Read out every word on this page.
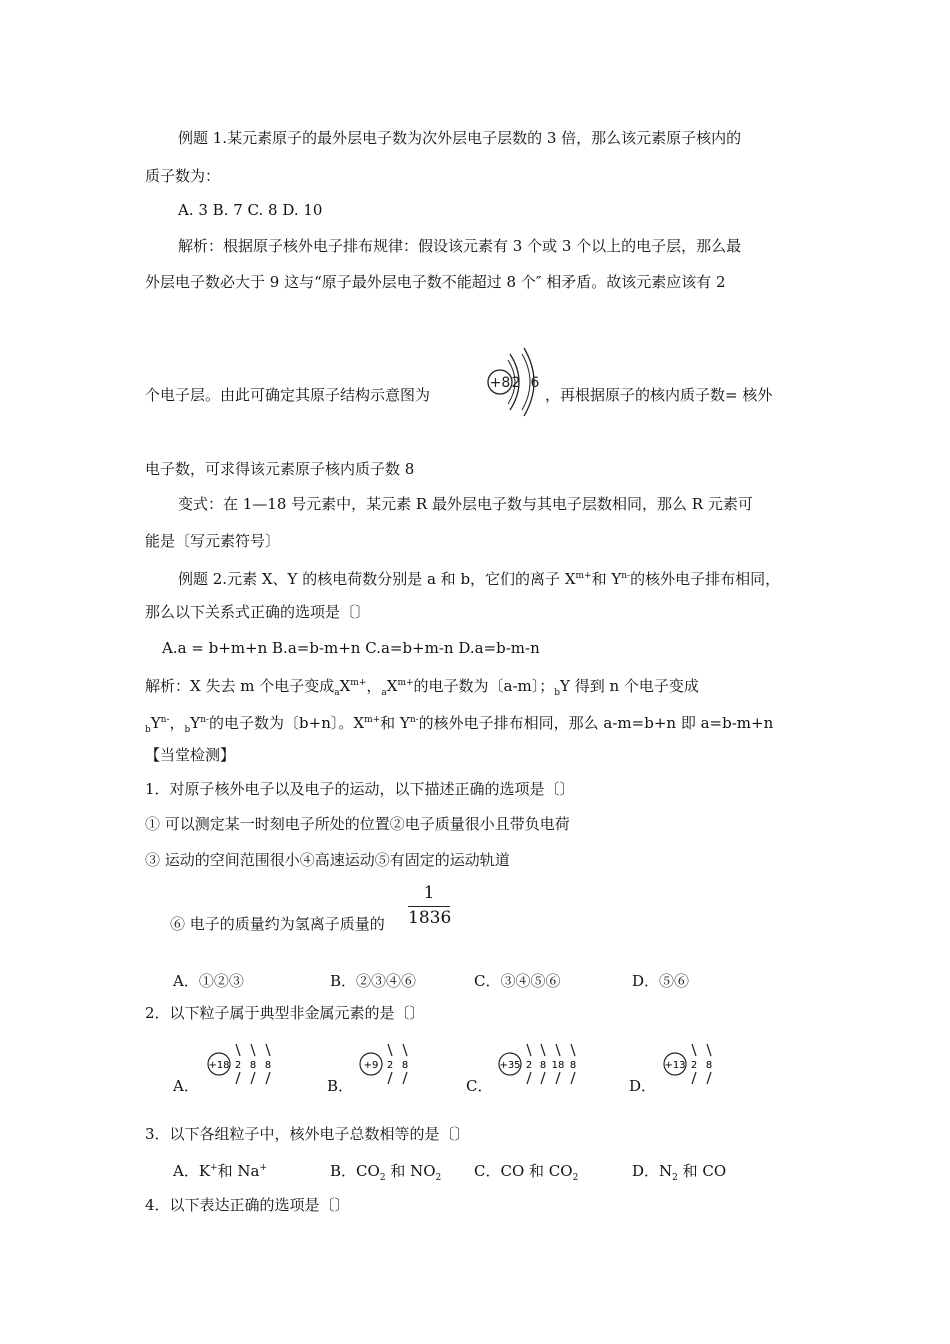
例题 1.某元素原子的最外层电子数为次外层电子层数的 3 倍，那么该元素原子核内的
质子数为：
A. 3 B. 7 C. 8 D. 10
解析：根据原子核外电子排布规律：假设该元素有 3 个或 3 个以上的电子层，那么最
外层电子数必大于 9 这与“原子最外层电子数不能超过 8 个″ 相矛盾。故该元素应该有 2
个电子层。由此可确定其原子结构示意图为
+8 2 6
，再根据原子的核内质子数= 核外
电子数，可求得该元素原子核内质子数 8
变式：在 1—18 号元素中，某元素 R 最外层电子数与其电子层数相同，那么 R 元素可
能是〔写元素符号〕
例题 2.元素 X、Y 的核电荷数分别是 a 和 b，它们的离子 $X^{m+}$和 $Y^{n-}$的核外电子排布相同，
那么以下关系式正确的选项是〔〕
A.a = b+m+n B.a=b-m+n C.a=b+m-n D.a=b-m-n
解析：X 失去 m 个电子变成$_aX^{m+}$，$_aX^{m+}$的电子数为〔a-m〕；$_b$Y 得到 n 个电子变成
$_bY^{n-}$，$_bY^{n-}$的电子数为〔b+n〕。$X^{m+}$和 $Y^{n-}$的核外电子排布相同，那么 a-m=b+n 即 a=b-m+n
【当堂检测】
1．对原子核外电子以及电子的运动，以下描述正确的选项是〔〕
① 可以测定某一时刻电子所处的位置②电子质量很小且带负电荷
③ 运动的空间范围很小④高速运动⑤有固定的运动轨道
⑥ 电子的质量约为氢离子质量的
1
1836
A．①②③	B．②③④⑥	C．③④⑤⑥	D．⑤⑥
2．以下粒子属于典型非金属元素的是〔〕
A．	B．	C．	D．
+18 2 8 8	+9 2 8	+35 2 8 18 8	+13 2 8
3．以下各组粒子中，核外电子总数相等的是〔〕
A．K+和 Na+	B．$CO_2$ 和 $NO_2$ C．CO 和 $CO_2$	D．$N_2$ 和 CO
4．以下表达正确的选项是〔〕
